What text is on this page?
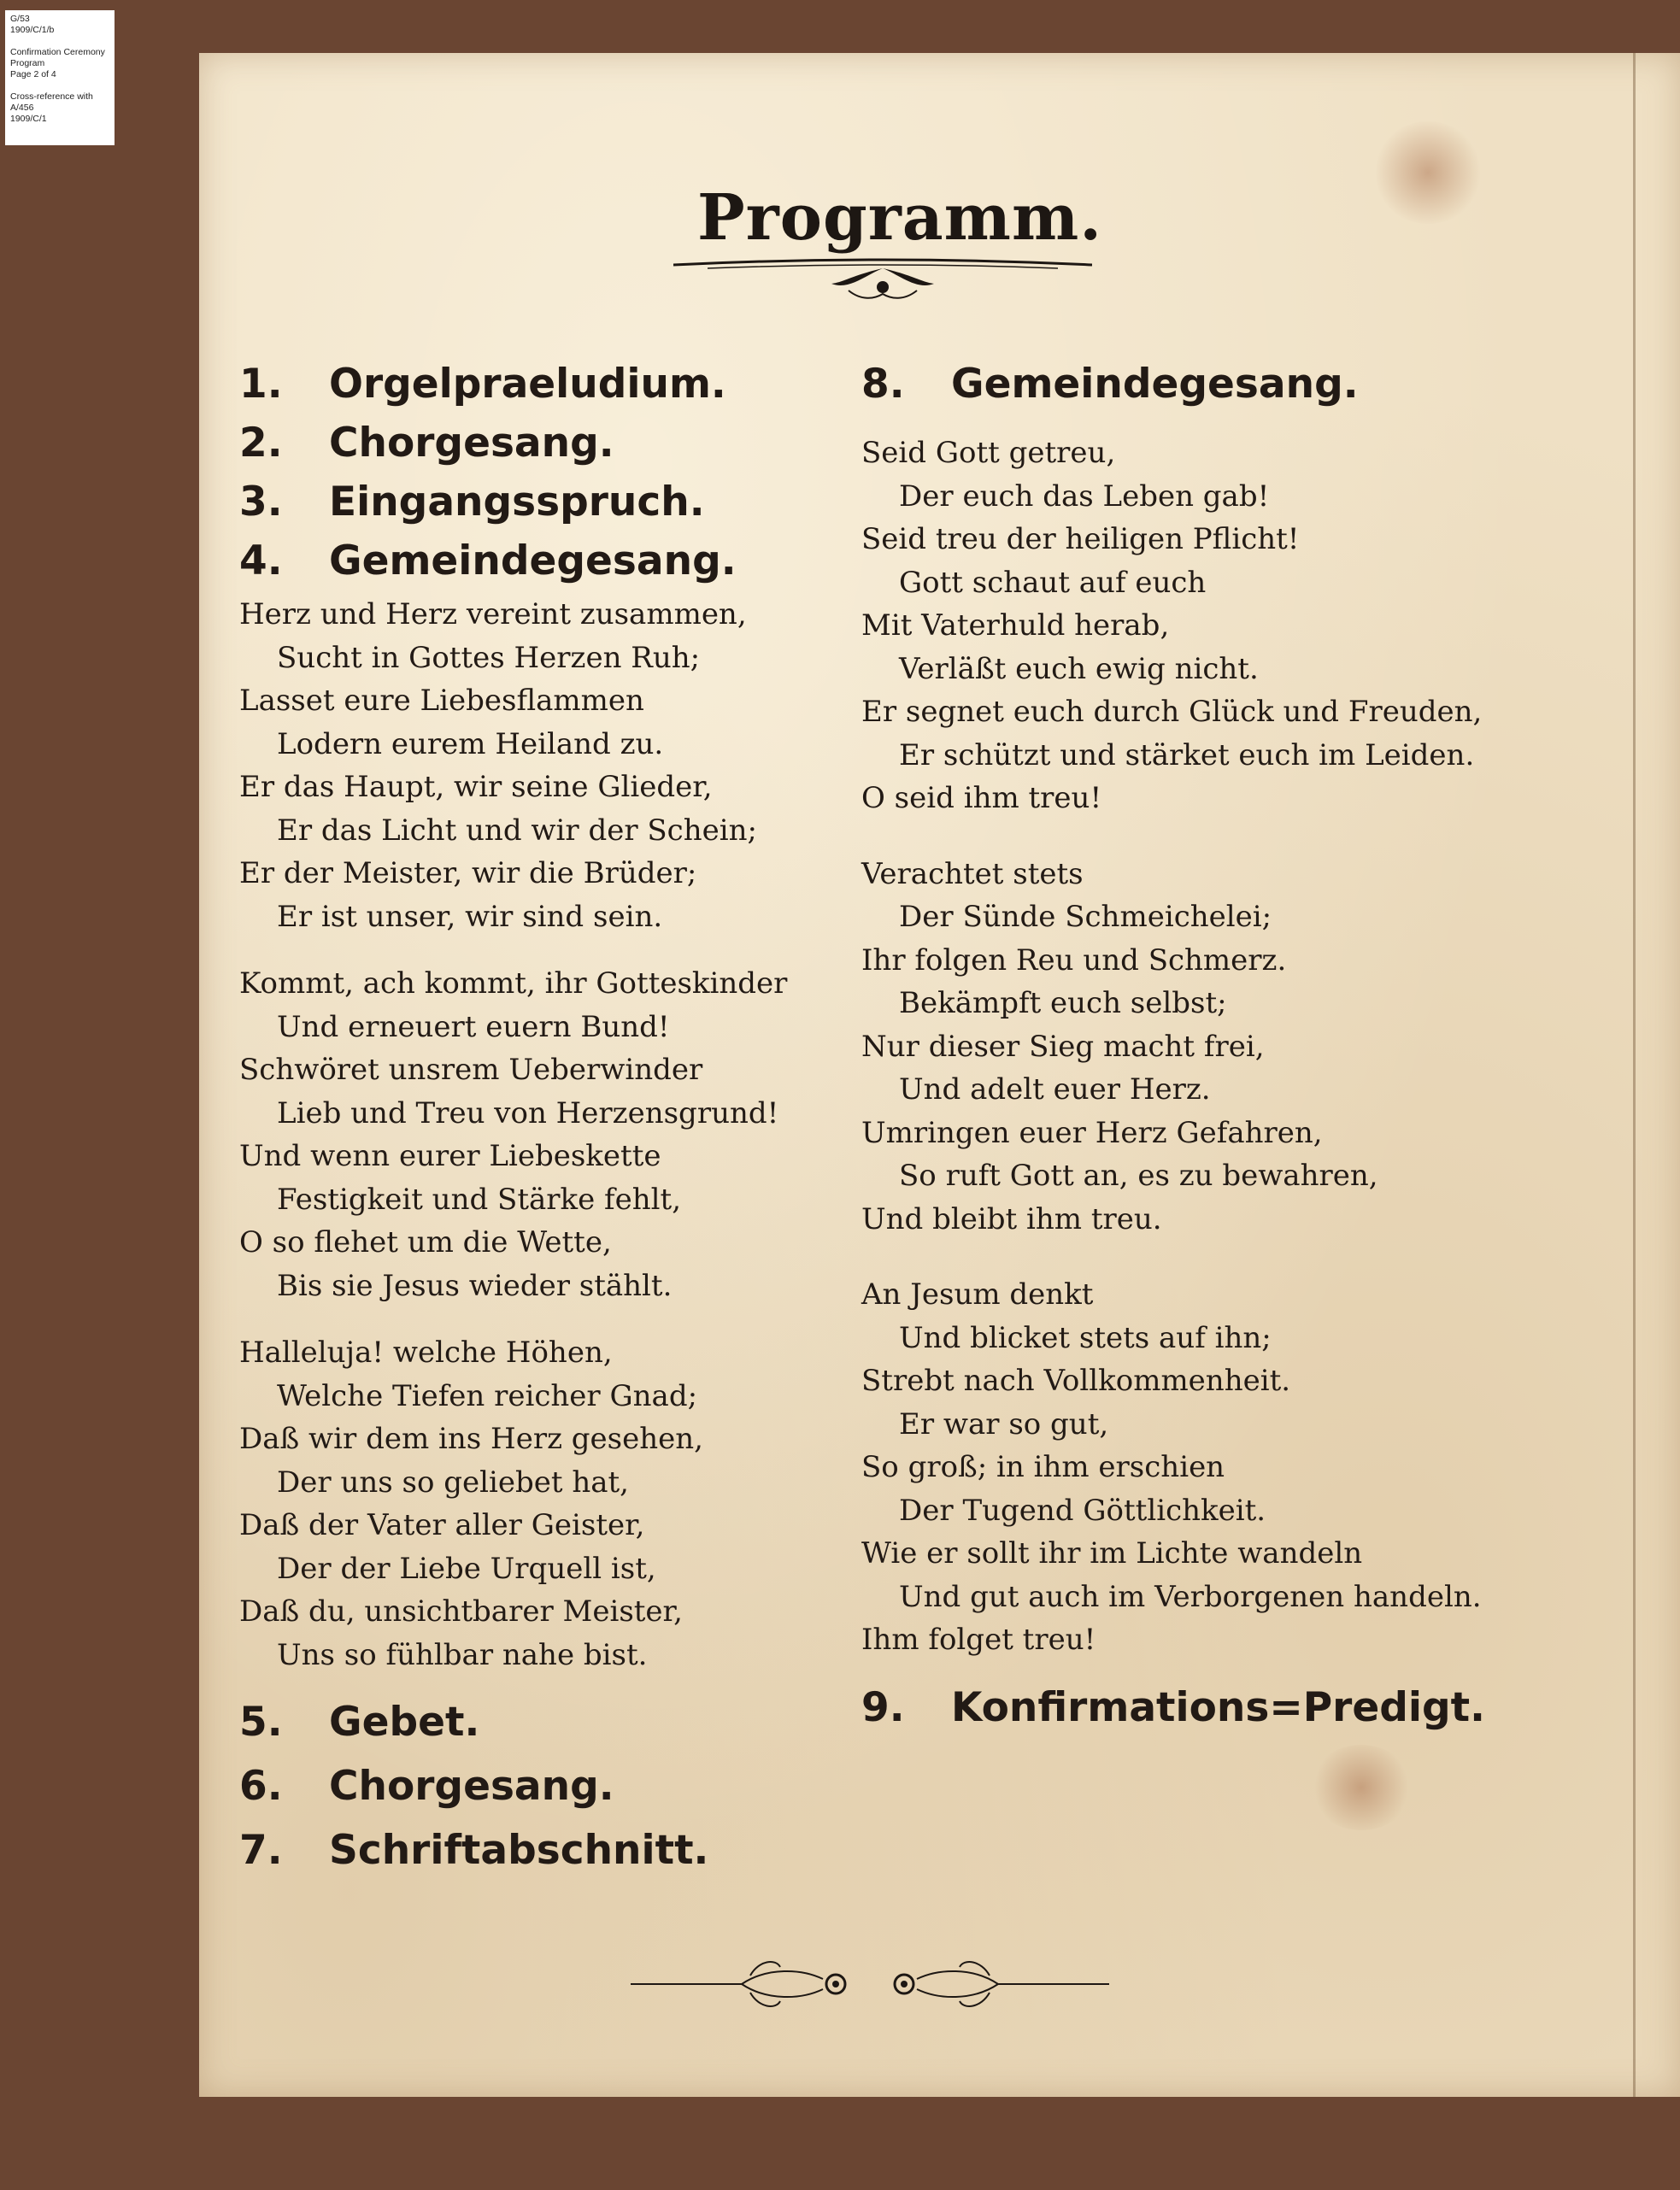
G/53
1909/C/1/b
Confirmation Ceremony
Program
Page 2 of 4
Cross-reference with
A/456
1909/C/1
Programm.
1.	Orgelpraeludium.
2.	Chorgesang.
3.	Eingangsspruch.
4.	Gemeindegesang.
Herz und Herz vereint zusammen,
Sucht in Gottes Herzen Ruh;
Lasset eure Liebesflammen
Lodern eurem Heiland zu.
Er das Haupt, wir seine Glieder,
Er das Licht und wir der Schein;
Er der Meister, wir die Brüder;
Er ist unser, wir sind sein.
Kommt, ach kommt, ihr Gotteskinder
Und erneuert euern Bund!
Schwöret unsrem Ueberwinder
Lieb und Treu von Herzensgrund!
Und wenn eurer Liebeskette
Festigkeit und Stärke fehlt,
O so flehet um die Wette,
Bis sie Jesus wieder stählt.
Halleluja! welche Höhen,
Welche Tiefen reicher Gnad;
Daß wir dem ins Herz gesehen,
Der uns so geliebet hat,
Daß der Vater aller Geister,
Der der Liebe Urquell ist,
Daß du, unsichtbarer Meister,
Uns so fühlbar nahe bist.
5.	Gebet.
6.	Chorgesang.
7.	Schriftabschnitt.
8.	Gemeindegesang.
Seid Gott getreu,
Der euch das Leben gab!
Seid treu der heiligen Pflicht!
Gott schaut auf euch
Mit Vaterhuld herab,
Verläßt euch ewig nicht.
Er segnet euch durch Glück und Freuden,
Er schützt und stärket euch im Leiden.
O seid ihm treu!
Verachtet stets
Der Sünde Schmeichelei;
Ihr folgen Reu und Schmerz.
Bekämpft euch selbst;
Nur dieser Sieg macht frei,
Und adelt euer Herz.
Umringen euer Herz Gefahren,
So ruft Gott an, es zu bewahren,
Und bleibt ihm treu.
An Jesum denkt
Und blicket stets auf ihn;
Strebt nach Vollkommenheit.
Er war so gut,
So groß; in ihm erschien
Der Tugend Göttlichkeit.
Wie er sollt ihr im Lichte wandeln
Und gut auch im Verborgenen handeln.
Ihm folget treu!
9.	Konfirmations=Predigt.
